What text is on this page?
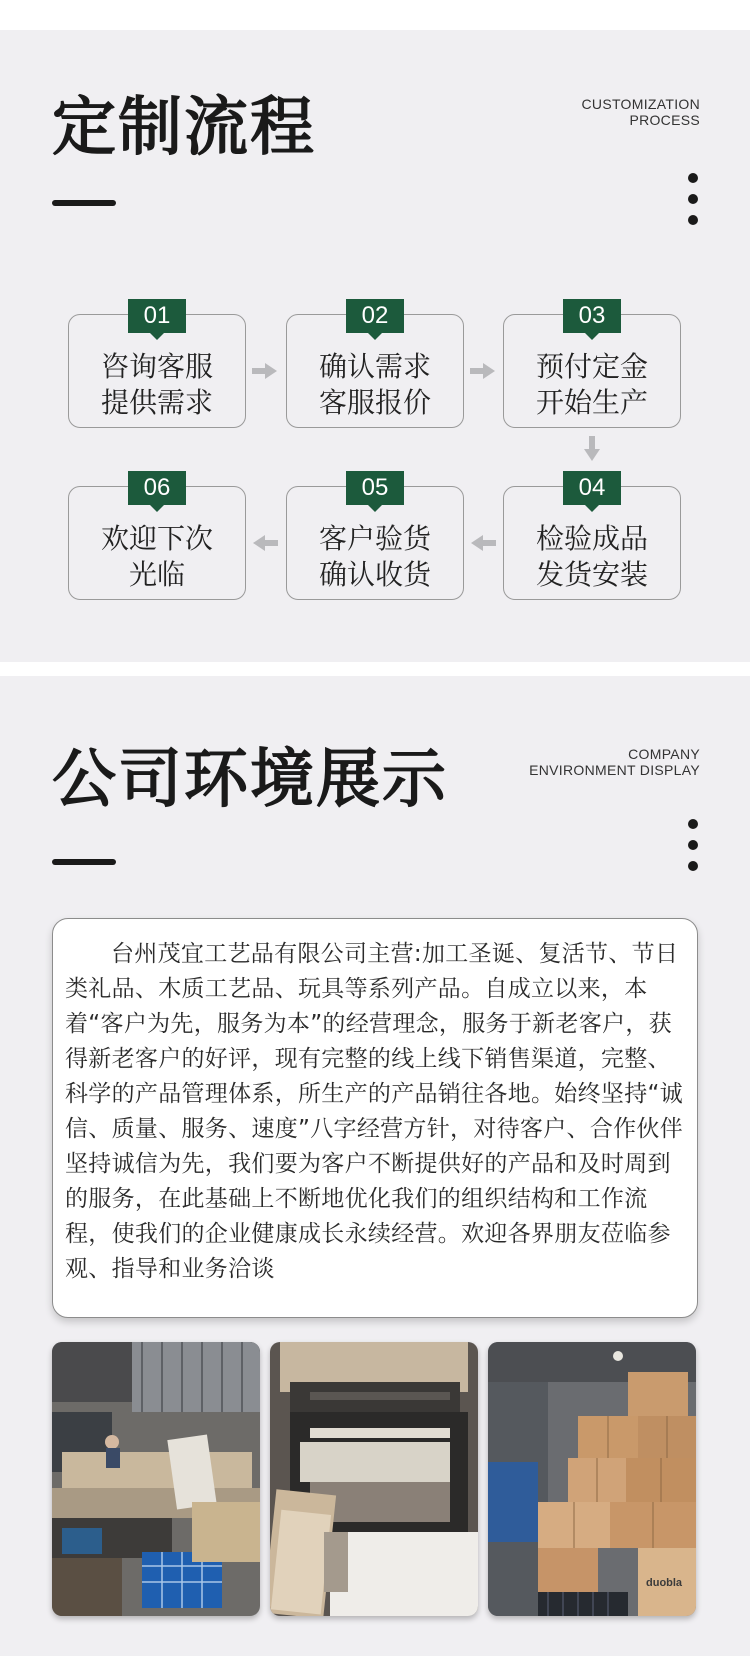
定制流程	CUSTOMIZATION
PROCESS
01
咨询客服
提供需求
02
确认需求
客服报价
03
预付定金
开始生产
06
欢迎下次
光临
05
客户验货
确认收货
04
检验成品
发货安装
公司环境展示	COMPANY
ENVIRONMENT DISPLAY

台州茂宜工艺品有限公司主营:加工圣诞、复活节、节日类礼品、木质工艺品、玩具等系列产品。自成立以来，本着“客户为先，服务为本”的经营理念，服务于新老客户，获得新老客户的好评，现有完整的线上线下销售渠道，完整、科学的产品管理体系，所生产的产品销往各地。始终坚持“诚信、质量、服务、速度”八字经营方针，对待客户、合作伙伴坚持诚信为先，我们要为客户不断提供好的产品和及时周到的服务，在此基础上不断地优化我们的组织结构和工作流程，使我们的企业健康成长永续经营。欢迎各界朋友莅临参观、指导和业务洽谈

duobla
